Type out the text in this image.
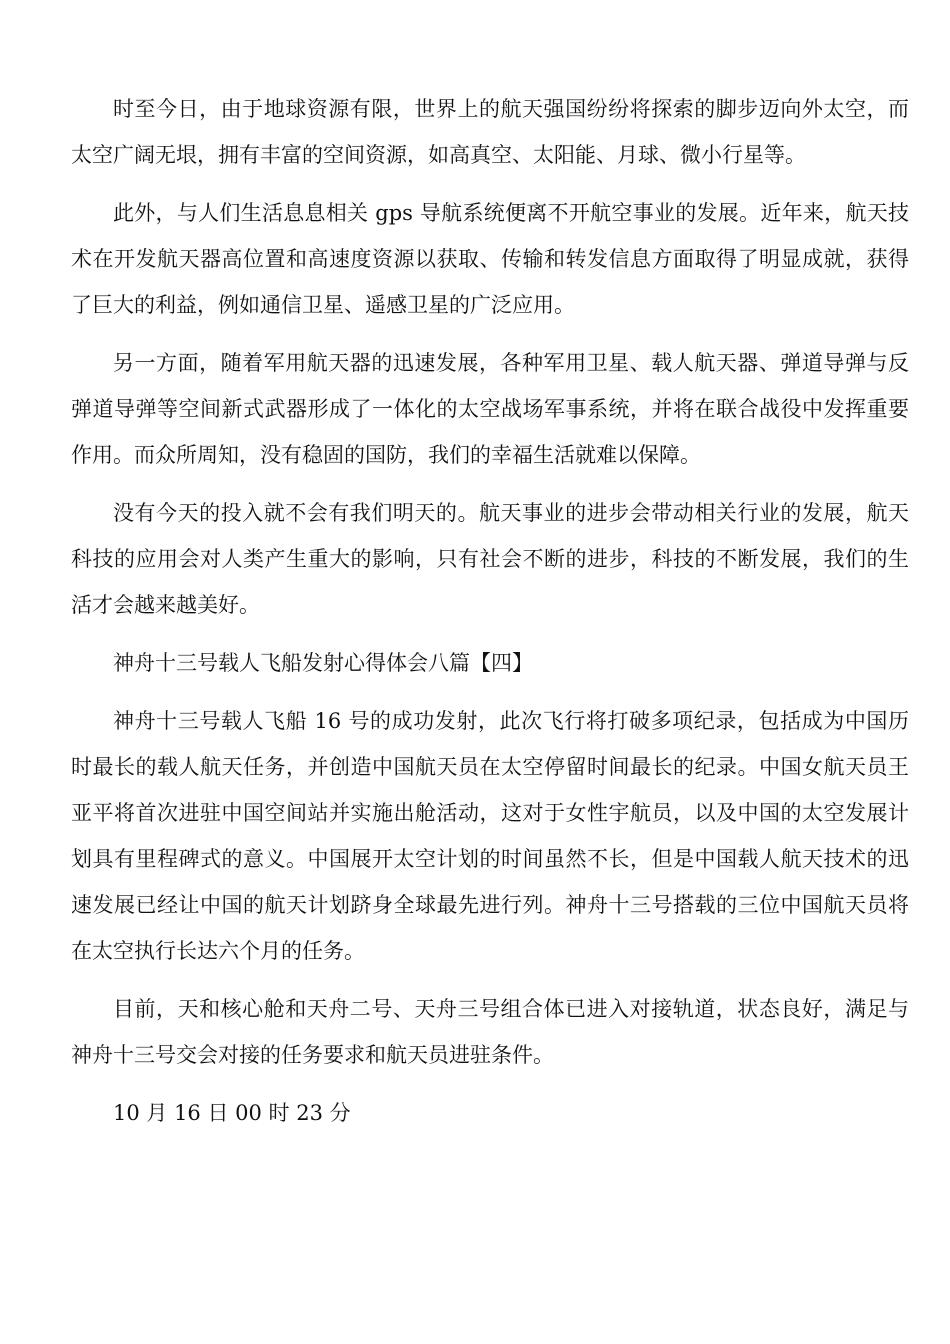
时至今日，由于地球资源有限，世界上的航天强国纷纷将探索的脚步迈向外太空，而太空广阔无垠，拥有丰富的空间资源，如高真空、太阳能、月球、微小行星等。

此外，与人们生活息息相关 gps 导航系统便离不开航空事业的发展。近年来，航天技术在开发航天器高位置和高速度资源以获取、传输和转发信息方面取得了明显成就，获得了巨大的利益，例如通信卫星、遥感卫星的广泛应用。

另一方面，随着军用航天器的迅速发展，各种军用卫星、载人航天器、弹道导弹与反弹道导弹等空间新式武器形成了一体化的太空战场军事系统，并将在联合战役中发挥重要作用。而众所周知，没有稳固的国防，我们的幸福生活就难以保障。

没有今天的投入就不会有我们明天的。航天事业的进步会带动相关行业的发展，航天科技的应用会对人类产生重大的影响，只有社会不断的进步，科技的不断发展，我们的生活才会越来越美好。

神舟十三号载人飞船发射心得体会八篇【四】

神舟十三号载人飞船 16 号的成功发射，此次飞行将打破多项纪录，包括成为中国历时最长的载人航天任务，并创造中国航天员在太空停留时间最长的纪录。中国女航天员王亚平将首次进驻中国空间站并实施出舱活动，这对于女性宇航员，以及中国的太空发展计划具有里程碑式的意义。中国展开太空计划的时间虽然不长，但是中国载人航天技术的迅速发展已经让中国的航天计划跻身全球最先进行列。神舟十三号搭载的三位中国航天员将在太空执行长达六个月的任务。

目前，天和核心舱和天舟二号、天舟三号组合体已进入对接轨道，状态良好，满足与神舟十三号交会对接的任务要求和航天员进驻条件。

10 月 16 日 00 时 23 分
